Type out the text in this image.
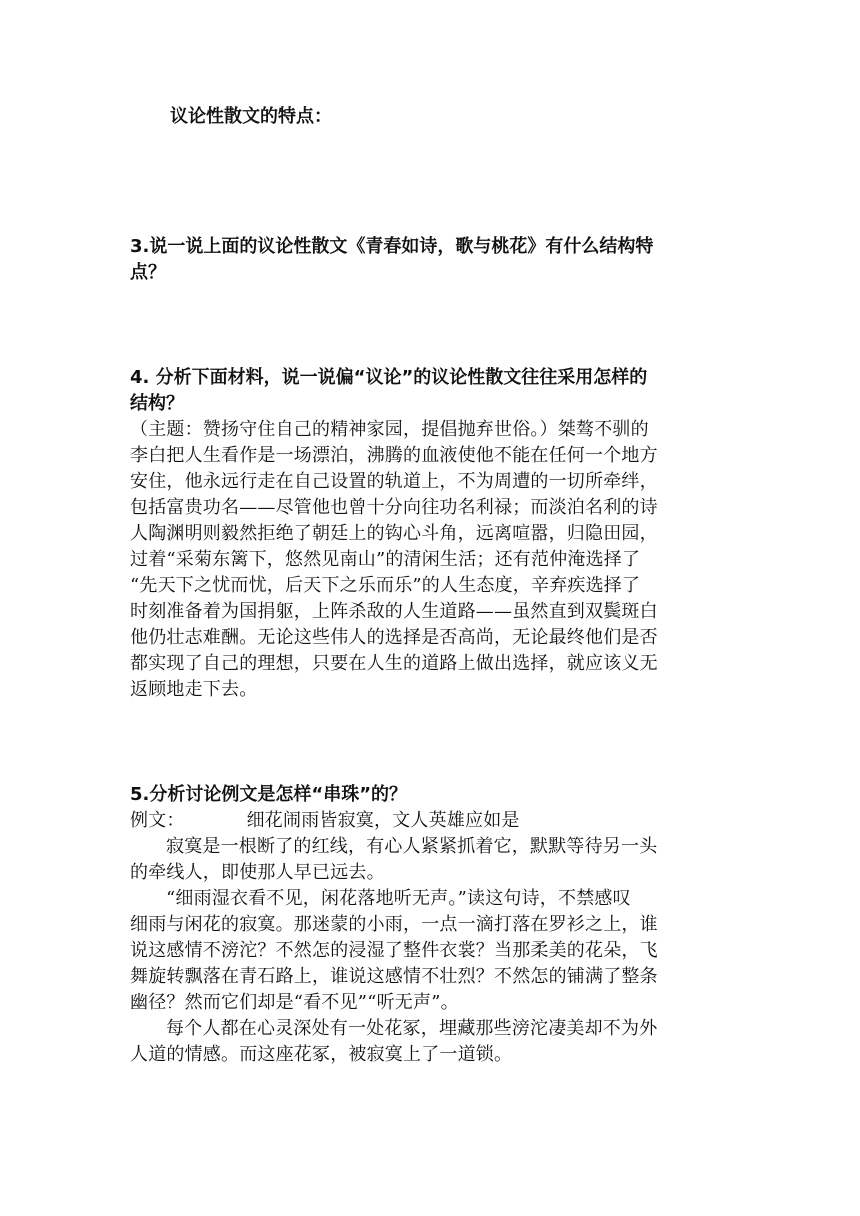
议论性散文的特点：
3.说一说上面的议论性散文《青春如诗，歌与桃花》有什么结构特
点？
4. 分析下面材料，说一说偏“议论”的议论性散文往往采用怎样的
结构？
（主题：赞扬守住自己的精神家园，提倡抛弃世俗。）桀骜不驯的
李白把人生看作是一场漂泊，沸腾的血液使他不能在任何一个地方
安住，他永远行走在自己设置的轨道上，不为周遭的一切所牵绊，
包括富贵功名——尽管他也曾十分向往功名利禄；而淡泊名利的诗
人陶渊明则毅然拒绝了朝廷上的钩心斗角，远离喧嚣，归隐田园，
过着“采菊东篱下，悠然见南山”的清闲生活；还有范仲淹选择了
“先天下之忧而忧，后天下之乐而乐”的人生态度，辛弃疾选择了
时刻准备着为国捐躯，上阵杀敌的人生道路——虽然直到双鬓斑白
他仍壮志难酬。无论这些伟人的选择是否高尚，无论最终他们是否
都实现了自己的理想，只要在人生的道路上做出选择，就应该义无
返顾地走下去。
5.分析讨论例文是怎样“串珠”的？
例文：	细花闹雨皆寂寞，文人英雄应如是
寂寞是一根断了的红线，有心人紧紧抓着它，默默等待另一头
的牵线人，即使那人早已远去。
“细雨湿衣看不见，闲花落地听无声。”读这句诗，不禁感叹
细雨与闲花的寂寞。那迷蒙的小雨，一点一滴打落在罗衫之上，谁
说这感情不滂沱？不然怎的浸湿了整件衣裳？当那柔美的花朵，飞
舞旋转飘落在青石路上，谁说这感情不壮烈？不然怎的铺满了整条
幽径？然而它们却是“看不见”“听无声”。
每个人都在心灵深处有一处花冢，埋藏那些滂沱凄美却不为外
人道的情感。而这座花冢，被寂寞上了一道锁。
